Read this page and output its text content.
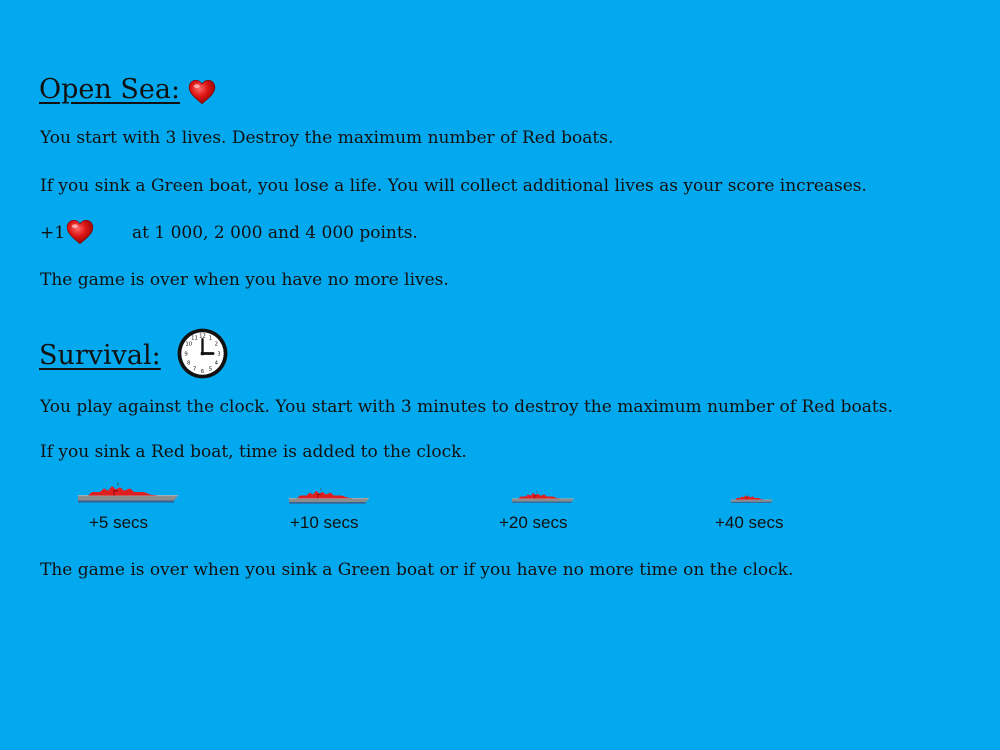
Open Sea:
You start with 3 lives. Destroy the maximum number of Red boats.
If you sink a Green boat, you lose a life. You will collect additional lives as your score increases.
+1	at 1 000, 2 000 and 4 000 points.
The game is over when you have no more lives.
Survival:
12 1
2
3
4
5
6
7
8
9
10
11
You play against the clock. You start with 3 minutes to destroy the maximum number of Red boats.
If you sink a Red boat, time is added to the clock.
+5 secs	+10 secs	+20 secs	+40 secs
The game is over when you sink a Green boat or if you have no more time on the clock.
